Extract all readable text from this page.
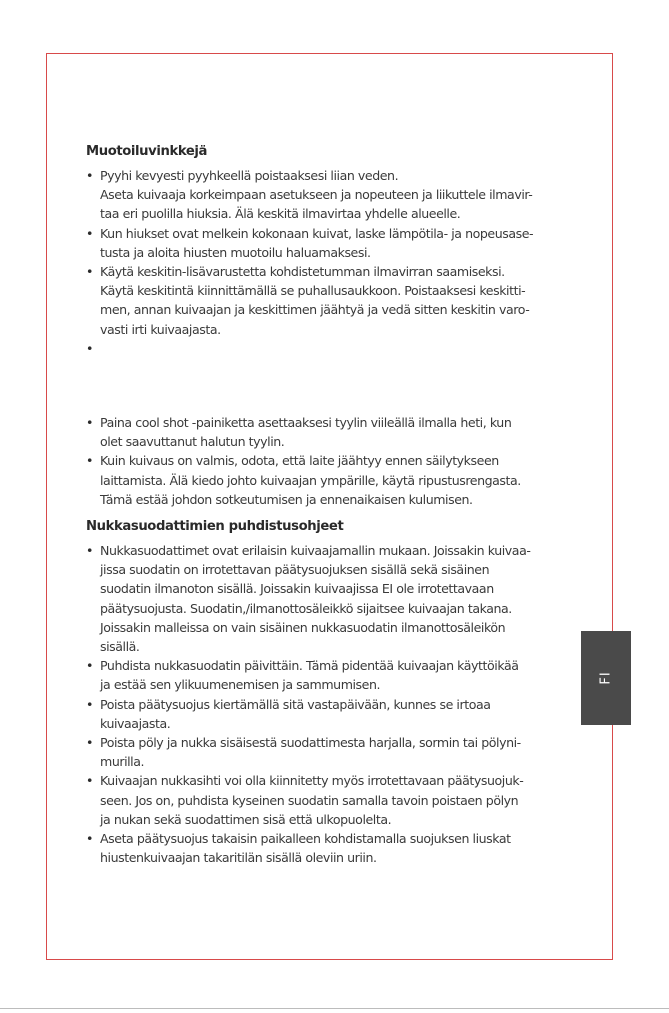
Muotoiluvinkkejä
• Pyyhi kevyesti pyyhkeellä poistaaksesi liian veden.
Aseta kuivaaja korkeimpaan asetukseen ja nopeuteen ja liikuttele ilmavir-
taa eri puolilla hiuksia. Älä keskitä ilmavirtaa yhdelle alueelle.
• Kun hiukset ovat melkein kokonaan kuivat, laske lämpötila- ja nopeusase-
tusta ja aloita hiusten muotoilu haluamaksesi.
• Käytä keskitin-lisävarustetta kohdistetumman ilmavirran saamiseksi.
Käytä keskitintä kiinnittämällä se puhallusaukkoon. Poistaaksesi keskitti-
men, annan kuivaajan ja keskittimen jäähtyä ja vedä sitten keskitin varo-
vasti irti kuivaajasta.
•

• Paina cool shot -painiketta asettaaksesi tyylin viileällä ilmalla heti, kun
olet saavuttanut halutun tyylin.
• Kuin kuivaus on valmis, odota, että laite jäähtyy ennen säilytykseen
laittamista. Älä kiedo johto kuivaajan ympärille, käytä ripustusrengasta.
Tämä estää johdon sotkeutumisen ja ennenaikaisen kulumisen.
Nukkasuodattimien puhdistusohjeet
• Nukkasuodattimet ovat erilaisin kuivaajamallin mukaan. Joissakin kuivaa-
jissa suodatin on irrotettavan päätysuojuksen sisällä sekä sisäinen
suodatin ilmanoton sisällä. Joissakin kuivaajissa EI ole irrotettavaan
päätysuojusta. Suodatin,/ilmanottosäleikkö sijaitsee kuivaajan takana.
Joissakin malleissa on vain sisäinen nukkasuodatin ilmanottosäleikön
sisällä.
• Puhdista nukkasuodatin päivittäin. Tämä pidentää kuivaajan käyttöikää
ja estää sen ylikuumenemisen ja sammumisen.
• Poista päätysuojus kiertämällä sitä vastapäivään, kunnes se irtoaa
kuivaajasta.
• Poista pöly ja nukka sisäisestä suodattimesta harjalla, sormin tai pölyni-
murilla.
• Kuivaajan nukkasihti voi olla kiinnitetty myös irrotettavaan päätysuojuk-
seen. Jos on, puhdista kyseinen suodatin samalla tavoin poistaen pölyn
ja nukan sekä suodattimen sisä että ulkopuolelta.
• Aseta päätysuojus takaisin paikalleen kohdistamalla suojuksen liuskat
hiustenkuivaajan takaritilän sisällä oleviin uriin.
FI
